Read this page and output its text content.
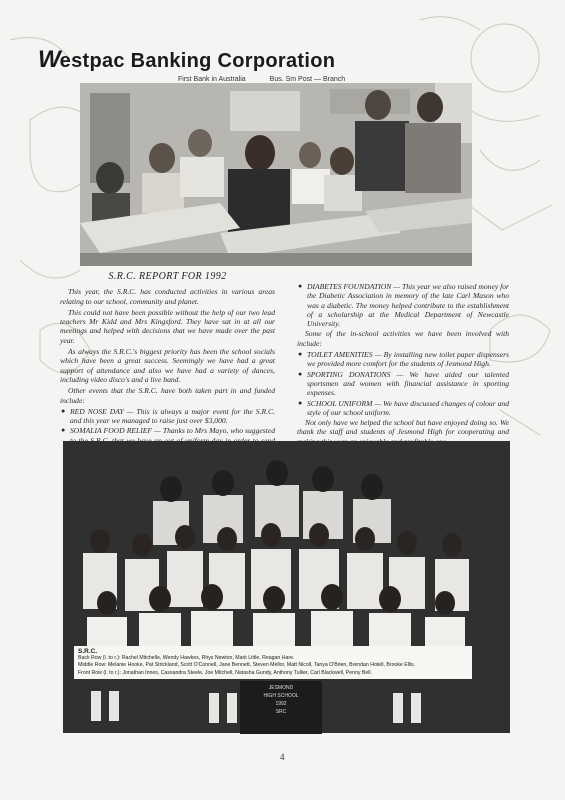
Westpac Banking Corporation
First Bank in Australia	Bus. Sm Post — Branch
S.R.C. REPORT FOR 1992

This year, the S.R.C. has conducted activities in various areas relating to our school, community and planet.

This could not have been possible without the help of our two lead teachers Mr Kidd and Mrs Kingsford. They have sat in at all our meetings and helped with decisions that we have made over the past year.

As always the S.R.C.'s biggest priority has been the school socials which have been a great success. Seemingly we have had a great support of attendance and also we have had a variety of dances, including video disco's and a live band.

Other events that the S.R.C. have both taken part in and funded include:

● RED NOSE DAY — This is always a major event for the S.R.C. and this year we managed to raise just over $3,000.
● SOMALIA FOOD RELIEF — Thanks to Mrs Mayo, who suggested
● DIABETES FOUNDATION — This year we also raised money for the Diabetic Association in memory of the late Carl Mason who was a diabetic. The money helped contribute to the establishment of a scholarship at the Medical Department of Newcastle University.

Some of the in-school activities we have been involved with include:

● TOILET AMENITIES — By installing new toilet paper dispensers we provided more comfort for the students of Jesmond High.
● SPORTING DONATIONS — We have aided our talented sportsmen and women with financial assistance in sporting expenses.
● SCHOOL UNIFORM — We have discussed changes of colour and style of our school uniform.

Not only have we helped the school but have enjoyed doing so. We thank the staff and students of Jesmond High for cooperating and

S.R.C.
Back Row (l. to r.): Rachel Mitchelle, Wendy Hawkes, Rhys Newton, Mark Little, Reagan Hare.
Middle Row: Melanie Hooke, Pat Strickland, Scott O'Connell, Jane Bennett, Steven Mellor, Matt Nicoll, Tanya O'Brien, Brendan Hotell, Brooke Ellis.
Front Row (l. to r.): Jonathan Innes, Cassandra Steele, Joe Mitchell, Natasha Gundy, Anthony Tullier, Carl Blackwell, Penny Bell.
JESMOND
HIGH SCHOOL
1992
SRC
4
